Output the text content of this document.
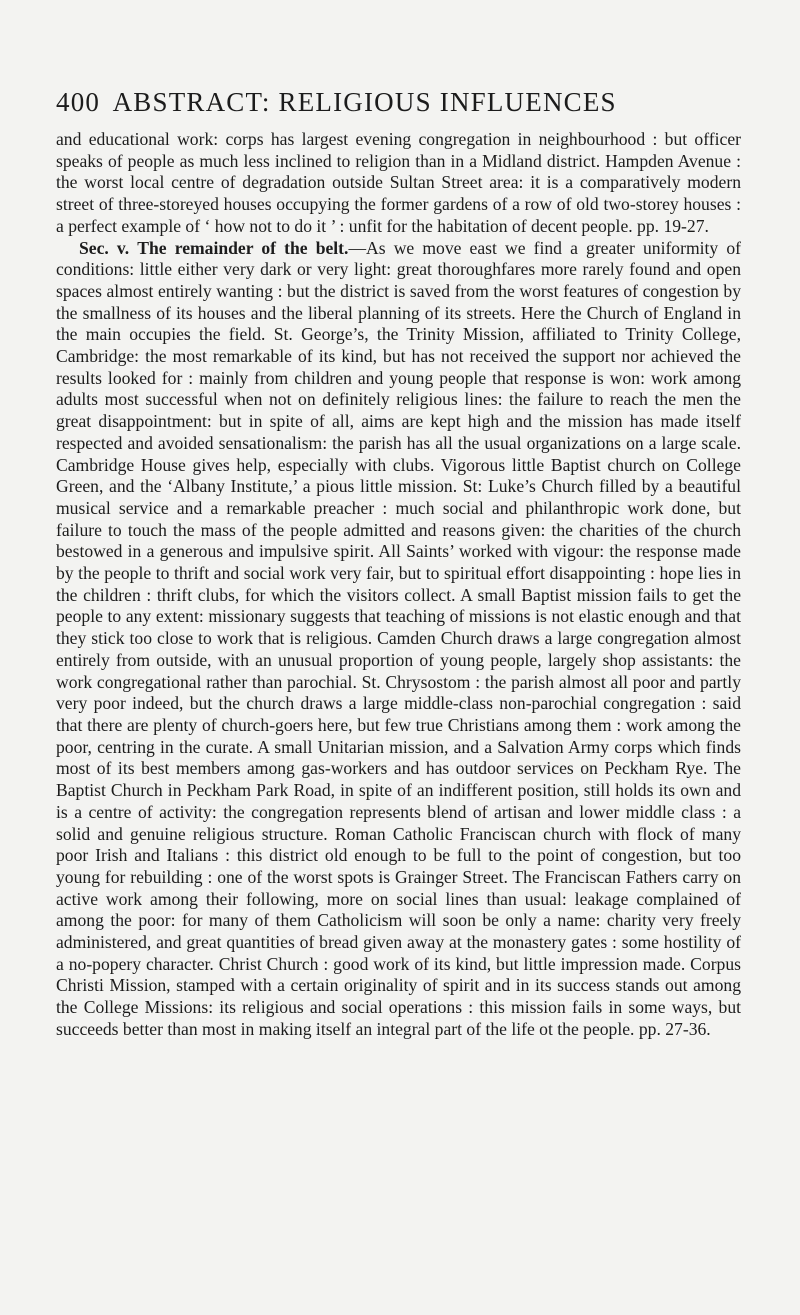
400 ABSTRACT: RELIGIOUS INFLUENCES

and educational work: corps has largest evening congregation in neighbourhood : but officer speaks of people as much less inclined to religion than in a Midland district. Hampden Avenue : the worst local centre of degradation outside Sultan Street area: it is a comparatively modern street of three-storeyed houses occupying the former gardens of a row of old two-storey houses : a perfect example of ‘ how not to do it ’ : unfit for the habitation of decent people. pp. 19-27.

Sec. v. The remainder of the belt.—As we move east we find a greater uniformity of conditions: little either very dark or very light: great thoroughfares more rarely found and open spaces almost entirely wanting : but the district is saved from the worst features of congestion by the smallness of its houses and the liberal planning of its streets. Here the Church of England in the main occupies the field. St. George’s, the Trinity Mission, affiliated to Trinity College, Cambridge: the most remarkable of its kind, but has not received the support nor achieved the results looked for : mainly from children and young people that response is won: work among adults most successful when not on definitely religious lines: the failure to reach the men the great disappointment: but in spite of all, aims are kept high and the mission has made itself respected and avoided sensationalism: the parish has all the usual organizations on a large scale. Cambridge House gives help, especially with clubs. Vigorous little Baptist church on College Green, and the ‘Albany Institute,’ a pious little mission. St: Luke’s Church filled by a beautiful musical service and a remarkable preacher : much social and philanthropic work done, but failure to touch the mass of the people admitted and reasons given: the charities of the church bestowed in a generous and impulsive spirit. All Saints’ worked with vigour: the response made by the people to thrift and social work very fair, but to spiritual effort disappointing : hope lies in the children : thrift clubs, for which the visitors collect. A small Baptist mission fails to get the people to any extent: missionary suggests that teaching of missions is not elastic enough and that they stick too close to work that is religious. Camden Church draws a large congregation almost entirely from outside, with an unusual proportion of young people, largely shop assistants: the work congregational rather than parochial. St. Chrysostom : the parish almost all poor and partly very poor indeed, but the church draws a large middle-class non-parochial congregation : said that there are plenty of church-goers here, but few true Christians among them : work among the poor, centring in the curate. A small Unitarian mission, and a Salvation Army corps which finds most of its best members among gas-workers and has outdoor services on Peckham Rye. The Baptist Church in Peckham Park Road, in spite of an indifferent position, still holds its own and is a centre of activity: the congregation represents blend of artisan and lower middle class : a solid and genuine religious structure. Roman Catholic Franciscan church with flock of many poor Irish and Italians : this district old enough to be full to the point of congestion, but too young for rebuilding : one of the worst spots is Grainger Street. The Franciscan Fathers carry on active work among their following, more on social lines than usual: leakage complained of among the poor: for many of them Catholicism will soon be only a name: charity very freely administered, and great quantities of bread given away at the monastery gates : some hostility of a no-popery character. Christ Church : good work of its kind, but little impression made. Corpus Christi Mission, stamped with a certain originality of spirit and in its success stands out among the College Missions: its religious and social operations : this mission fails in some ways, but succeeds better than most in making itself an integral part of the life ot the people. pp. 27-36.
